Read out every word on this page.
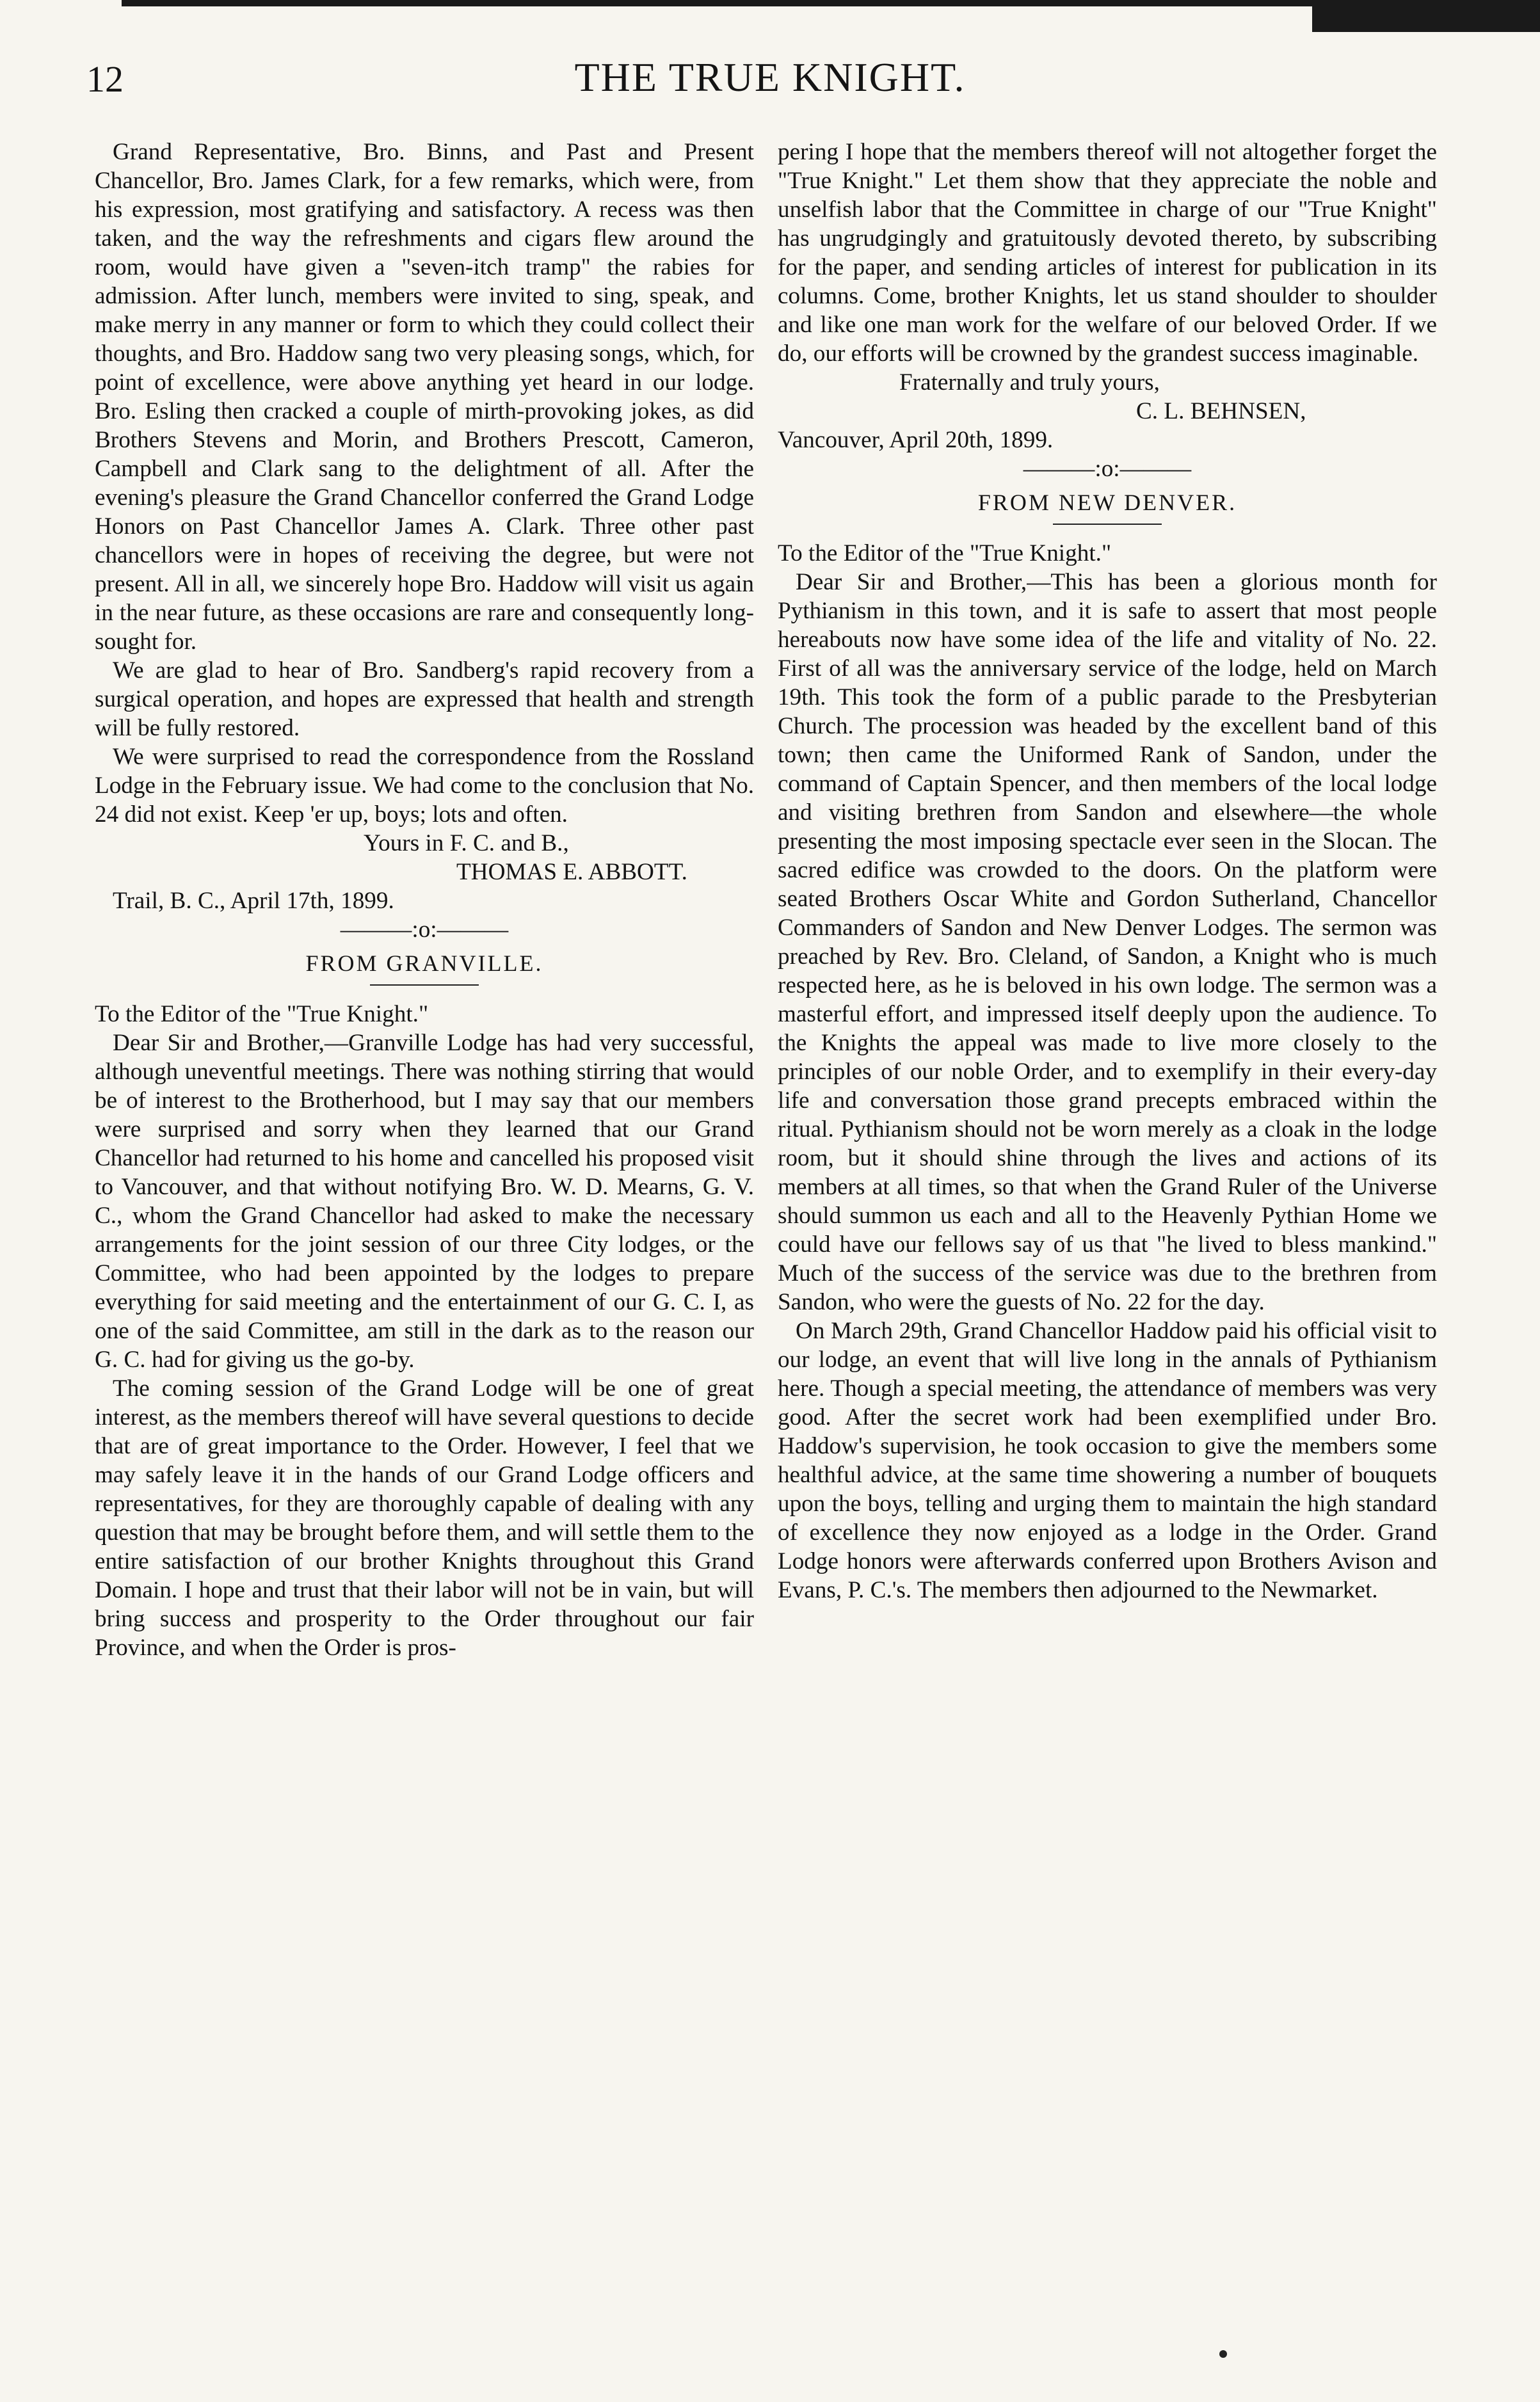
12	THE TRUE KNIGHT.

Grand Representative, Bro. Binns, and Past and Present Chancellor, Bro. James Clark, for a few remarks, which were, from his expression, most gratifying and satisfactory. A recess was then taken, and the way the refreshments and cigars flew around the room, would have given a "seven-itch tramp" the rabies for admission. After lunch, members were invited to sing, speak, and make merry in any manner or form to which they could collect their thoughts, and Bro. Haddow sang two very pleasing songs, which, for point of excellence, were above anything yet heard in our lodge. Bro. Esling then cracked a couple of mirth-provoking jokes, as did Brothers Stevens and Morin, and Brothers Prescott, Cameron, Campbell and Clark sang to the delightment of all. After the evening's pleasure the Grand Chancellor conferred the Grand Lodge Honors on Past Chancellor James A. Clark. Three other past chancellors were in hopes of receiving the degree, but were not present. All in all, we sincerely hope Bro. Haddow will visit us again in the near future, as these occasions are rare and consequently long-sought for.

We are glad to hear of Bro. Sandberg's rapid recovery from a surgical operation, and hopes are expressed that health and strength will be fully restored.

We were surprised to read the correspondence from the Rossland Lodge in the February issue. We had come to the conclusion that No. 24 did not exist. Keep 'er up, boys; lots and often.

Yours in F. C. and B.,

THOMAS E. ABBOTT.

Trail, B. C., April 17th, 1899.

———:o:———

FROM GRANVILLE.

To the Editor of the "True Knight."

Dear Sir and Brother,—Granville Lodge has had very successful, although uneventful meetings. There was nothing stirring that would be of interest to the Brotherhood, but I may say that our members were surprised and sorry when they learned that our Grand Chancellor had returned to his home and cancelled his proposed visit to Vancouver, and that without notifying Bro. W. D. Mearns, G. V. C., whom the Grand Chancellor had asked to make the necessary arrangements for the joint session of our three City lodges, or the Committee, who had been appointed by the lodges to prepare everything for said meeting and the entertainment of our G. C. I, as one of the said Committee, am still in the dark as to the reason our G. C. had for giving us the go-by.

The coming session of the Grand Lodge will be one of great interest, as the members thereof will have several questions to decide that are of great importance to the Order. However, I feel that we may safely leave it in the hands of our Grand Lodge officers and representatives, for they are thoroughly capable of dealing with any question that may be brought before them, and will settle them to the entire satisfaction of our brother Knights throughout this Grand Domain. I hope and trust that their labor will not be in vain, but will bring success and prosperity to the Order throughout our fair Province, and when the Order is pros-

pering I hope that the members thereof will not altogether forget the "True Knight." Let them show that they appreciate the noble and unselfish labor that the Committee in charge of our "True Knight" has ungrudgingly and gratuitously devoted thereto, by subscribing for the paper, and sending articles of interest for publication in its columns. Come, brother Knights, let us stand shoulder to shoulder and like one man work for the welfare of our beloved Order. If we do, our efforts will be crowned by the grandest success imaginable.

Fraternally and truly yours,

C. L. BEHNSEN,

Vancouver, April 20th, 1899.

———:o:———

FROM NEW DENVER.

To the Editor of the "True Knight."

Dear Sir and Brother,—This has been a glorious month for Pythianism in this town, and it is safe to assert that most people hereabouts now have some idea of the life and vitality of No. 22. First of all was the anniversary service of the lodge, held on March 19th. This took the form of a public parade to the Presbyterian Church. The procession was headed by the excellent band of this town; then came the Uniformed Rank of Sandon, under the command of Captain Spencer, and then members of the local lodge and visiting brethren from Sandon and elsewhere—the whole presenting the most imposing spectacle ever seen in the Slocan. The sacred edifice was crowded to the doors. On the platform were seated Brothers Oscar White and Gordon Sutherland, Chancellor Commanders of Sandon and New Denver Lodges. The sermon was preached by Rev. Bro. Cleland, of Sandon, a Knight who is much respected here, as he is beloved in his own lodge. The sermon was a masterful effort, and impressed itself deeply upon the audience. To the Knights the appeal was made to live more closely to the principles of our noble Order, and to exemplify in their every-day life and conversation those grand precepts embraced within the ritual. Pythianism should not be worn merely as a cloak in the lodge room, but it should shine through the lives and actions of its members at all times, so that when the Grand Ruler of the Universe should summon us each and all to the Heavenly Pythian Home we could have our fellows say of us that "he lived to bless mankind." Much of the success of the service was due to the brethren from Sandon, who were the guests of No. 22 for the day.

On March 29th, Grand Chancellor Haddow paid his official visit to our lodge, an event that will live long in the annals of Pythianism here. Though a special meeting, the attendance of members was very good. After the secret work had been exemplified under Bro. Haddow's supervision, he took occasion to give the members some healthful advice, at the same time showering a number of bouquets upon the boys, telling and urging them to maintain the high standard of excellence they now enjoyed as a lodge in the Order. Grand Lodge honors were afterwards conferred upon Brothers Avison and Evans, P. C.'s. The members then adjourned to the Newmarket.
